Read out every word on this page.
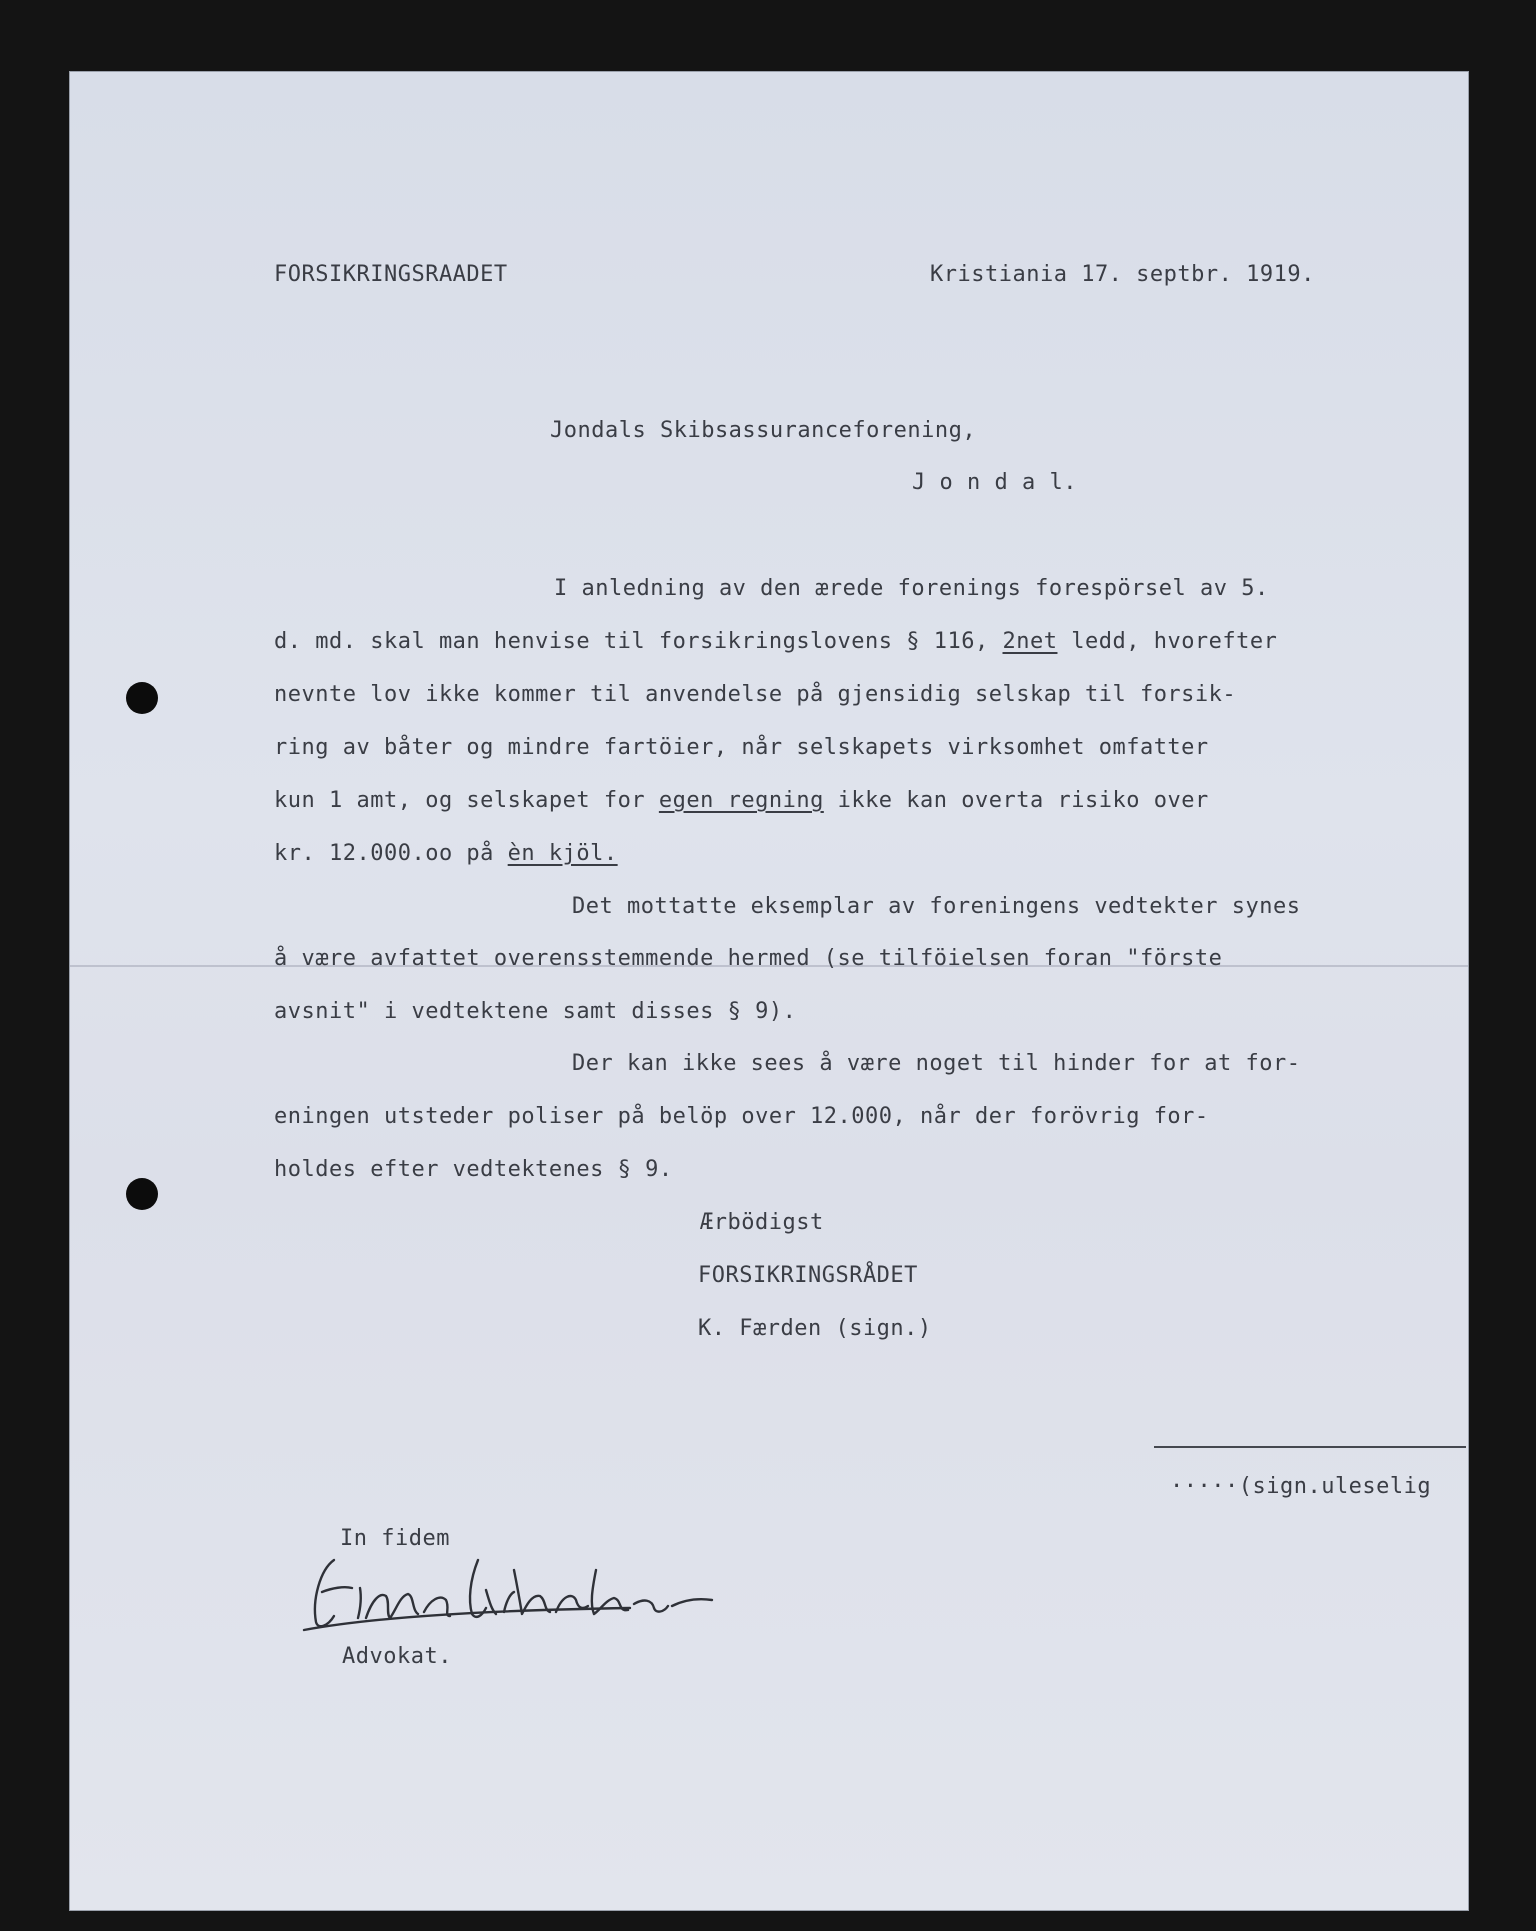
FORSIKRINGSRAADET	Kristiania 17. septbr. 1919.
Jondals Skibsassuranceforening,
J o n d a l.
I anledning av den ærede forenings forespörsel av 5.
d. md. skal man henvise til forsikringslovens § 116, 2net ledd, hvorefter
nevnte lov ikke kommer til anvendelse på gjensidig selskap til forsik-
ring av båter og mindre fartöier, når selskapets virksomhet omfatter
kun 1 amt, og selskapet for egen regning ikke kan overta risiko over
kr. 12.000.oo på èn kjöl.
Det mottatte eksemplar av foreningens vedtekter synes
å være avfattet overensstemmende hermed (se tilföielsen foran "förste
avsnit" i vedtektene samt disses § 9).
Der kan ikke sees å være noget til hinder for at for-
eningen utsteder poliser på belöp over 12.000, når der forövrig for-
holdes efter vedtektenes § 9.
Ærbödigst
FORSIKRINGSRÅDET
K. Færden (sign.)
·····(sign.uleselig
In fidem
Advokat.
